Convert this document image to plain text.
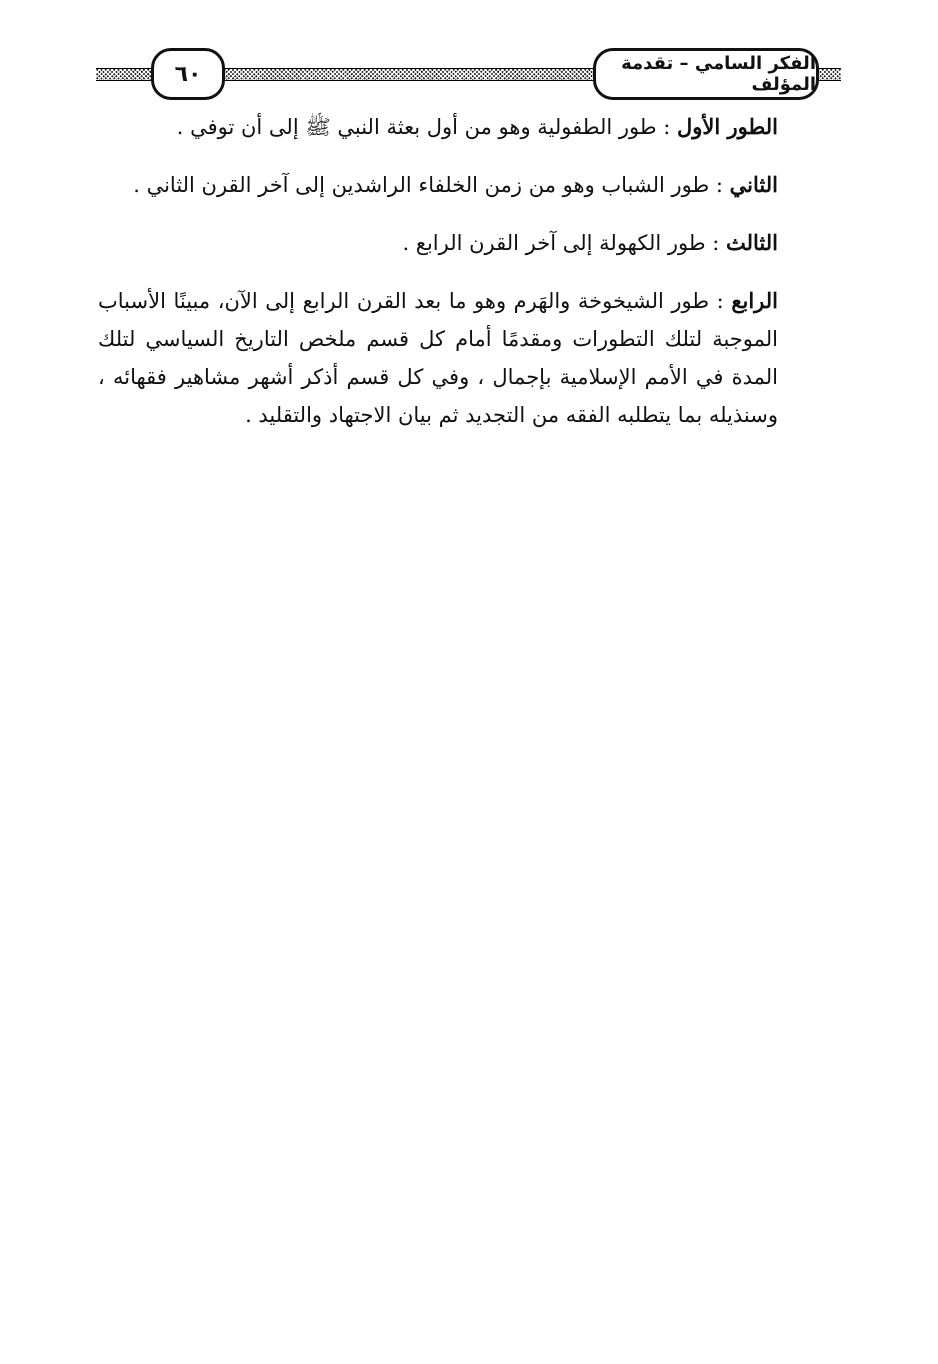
٦٠	الفكر السامي – تقدمة المؤلف

الطور الأول : طور الطفولية وهو من أول بعثة النبي ﷺ إلى أن توفي .

الثاني : طور الشباب وهو من زمن الخلفاء الراشدين إلى آخر القرن الثاني .

الثالث : طور الكهولة إلى آخر القرن الرابع .

الرابع : طور الشيخوخة والهَرم وهو ما بعد القرن الرابع إلى الآن، مبينًا الأسباب الموجبة لتلك التطورات ومقدمًا أمام كل قسم ملخص التاريخ السياسي لتلك المدة في الأمم الإسلامية بإجمال ، وفي كل قسم أذكر أشهر مشاهير فقهائه ، وسنذيله بما يتطلبه الفقه من التجديد ثم بيان الاجتهاد والتقليد .
